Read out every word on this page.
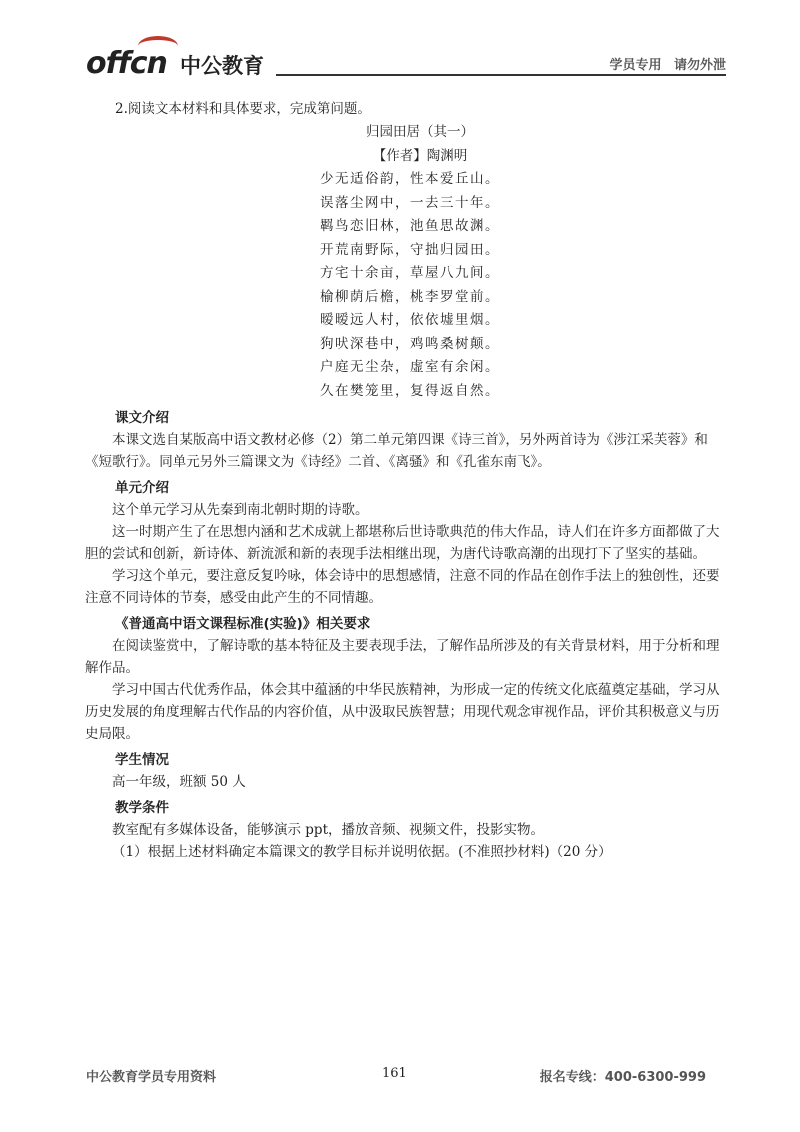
offcn 中公教育	学员专用 请勿外泄

2.阅读文本材料和具体要求，完成第问题。

归园田居（其一）
【作者】陶渊明
少无适俗韵，性本爱丘山。
误落尘网中，一去三十年。
羁鸟恋旧林，池鱼思故渊。
开荒南野际，守拙归园田。
方宅十余亩，草屋八九间。
榆柳荫后檐，桃李罗堂前。
暧暧远人村，依依墟里烟。
狗吠深巷中，鸡鸣桑树颠。
户庭无尘杂，虚室有余闲。
久在樊笼里，复得返自然。
课文介绍

本课文选自某版高中语文教材必修（2）第二单元第四课《诗三首》，另外两首诗为《涉江采芙蓉》和《短歌行》。同单元另外三篇课文为《诗经》二首、《离骚》和《孔雀东南飞》。

单元介绍

这个单元学习从先秦到南北朝时期的诗歌。

这一时期产生了在思想内涵和艺术成就上都堪称后世诗歌典范的伟大作品，诗人们在许多方面都做了大胆的尝试和创新，新诗体、新流派和新的表现手法相继出现，为唐代诗歌高潮的出现打下了坚实的基础。

学习这个单元，要注意反复吟咏，体会诗中的思想感情，注意不同的作品在创作手法上的独创性，还要注意不同诗体的节奏，感受由此产生的不同情趣。

《普通高中语文课程标准(实验)》相关要求

在阅读鉴赏中，了解诗歌的基本特征及主要表现手法，了解作品所涉及的有关背景材料，用于分析和理解作品。

学习中国古代优秀作品，体会其中蕴涵的中华民族精神，为形成一定的传统文化底蕴奠定基础，学习从历史发展的角度理解古代作品的内容价值，从中汲取民族智慧；用现代观念审视作品，评价其积极意义与历史局限。

学生情况

高一年级，班额 50 人

教学条件

教室配有多媒体设备，能够演示 ppt，播放音频、视频文件，投影实物。

（1）根据上述材料确定本篇课文的教学目标并说明依据。(不准照抄材料)（20 分）

中公教育学员专用资料	161	报名专线：400-6300-999
